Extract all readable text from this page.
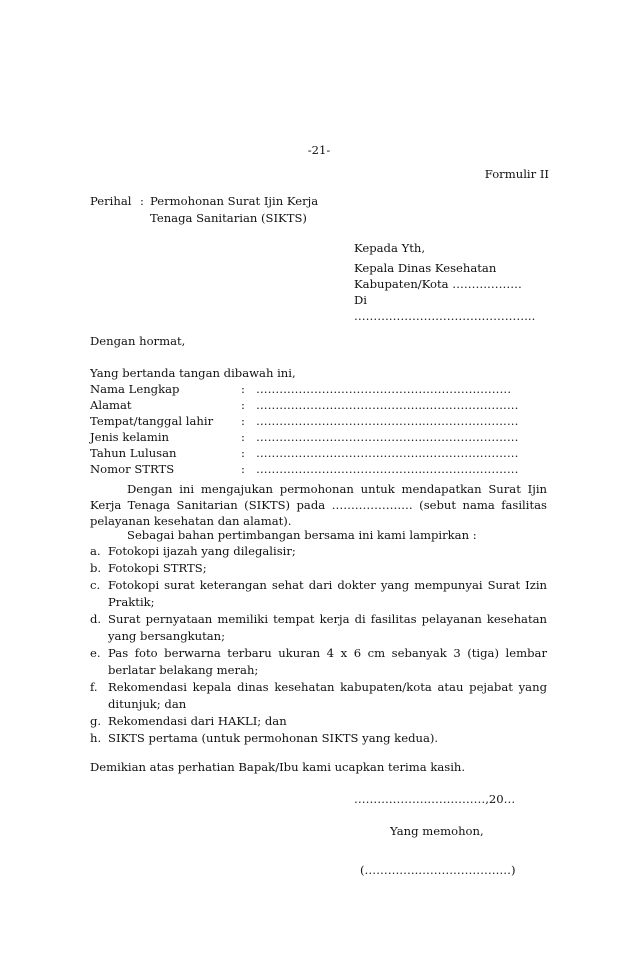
-21-
Formulir II
Perihal : Permohonan Surat Ijin Kerja
Tenaga Sanitarian (SIKTS)
Kepada Yth,
Kepala Dinas Kesehatan
Kabupaten/Kota ………………
Di
………………………………………..
Dengan hormat,
Yang bertanda tangan dibawah ini,
Nama Lengkap	: …………………………………………………………
Alamat	: ……………………………………..……………………
Tempat/tanggal lahir : ……………………………………..……………………
Jenis kelamin	: ……………………………………..……………………
Tahun Lulusan	: ……………………………………..……………………
Nomor STRTS	: ……………………………………..……………………
Dengan ini mengajukan permohonan untuk mendapatkan Surat Ijin Kerja Tenaga Sanitarian (SIKTS) pada ………………… (sebut nama fasilitas pelayanan kesehatan dan alamat).
Sebagai bahan pertimbangan bersama ini kami lampirkan :
a. Fotokopi ijazah yang dilegalisir;
b. Fotokopi STRTS;
c. Fotokopi surat keterangan sehat dari dokter yang mempunyai Surat Izin Praktik;
d. Surat pernyataan memiliki tempat kerja di fasilitas pelayanan kesehatan yang bersangkutan;
e. Pas foto berwarna terbaru ukuran 4 x 6 cm sebanyak 3 (tiga) lembar berlatar belakang merah;
f. Rekomendasi kepala dinas kesehatan kabupaten/kota atau pejabat yang ditunjuk; dan
g. Rekomendasi dari HAKLI; dan
h. SIKTS pertama (untuk permohonan SIKTS yang kedua).
Demikian atas perhatian Bapak/Ibu kami ucapkan terima kasih.
……………….……………,20…
Yang memohon,
(…………..……………………)
